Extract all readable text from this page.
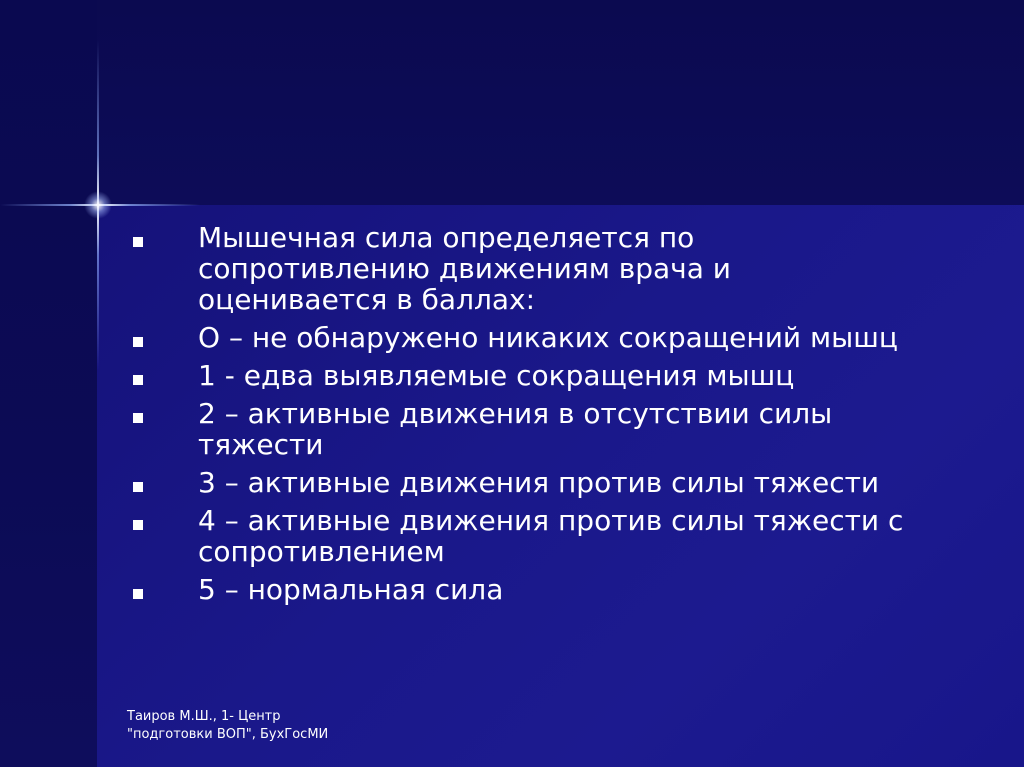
Мышечная сила определяется по
сопротивлению движениям врача и
оценивается в баллах:
О – не обнаружено никаких сокращений мышц
1 - едва выявляемые сокращения мышц
2 – активные движения в отсутствии силы
тяжести
3 – активные движения против силы тяжести
4 – активные движения против силы тяжести с
сопротивлением
5 – нормальная сила
Таиров М.Ш., 1- Центр
"подготовки ВОП", БухГосМИ
